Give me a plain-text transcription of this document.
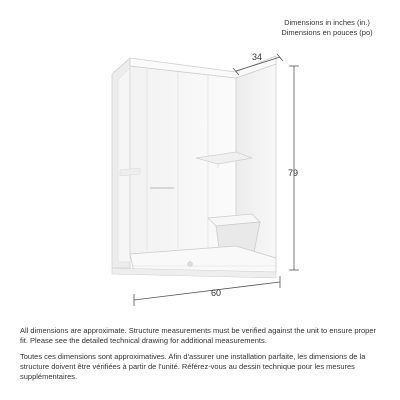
Dimensions in inches (in.)
Dimensions en pouces (po)
34
79
60

All dimensions are approximate. Structure measurements must be verified against the unit to ensure proper fit. Please see the detailed technical drawing for additional measurements.

Toutes ces dimensions sont approximatives. Afin d'assurer une installation parfaite, les dimensions de la structure doivent être vérifiées à partir de l'unité. Référez-vous au dessin technique pour les mesures supplémentaires.
